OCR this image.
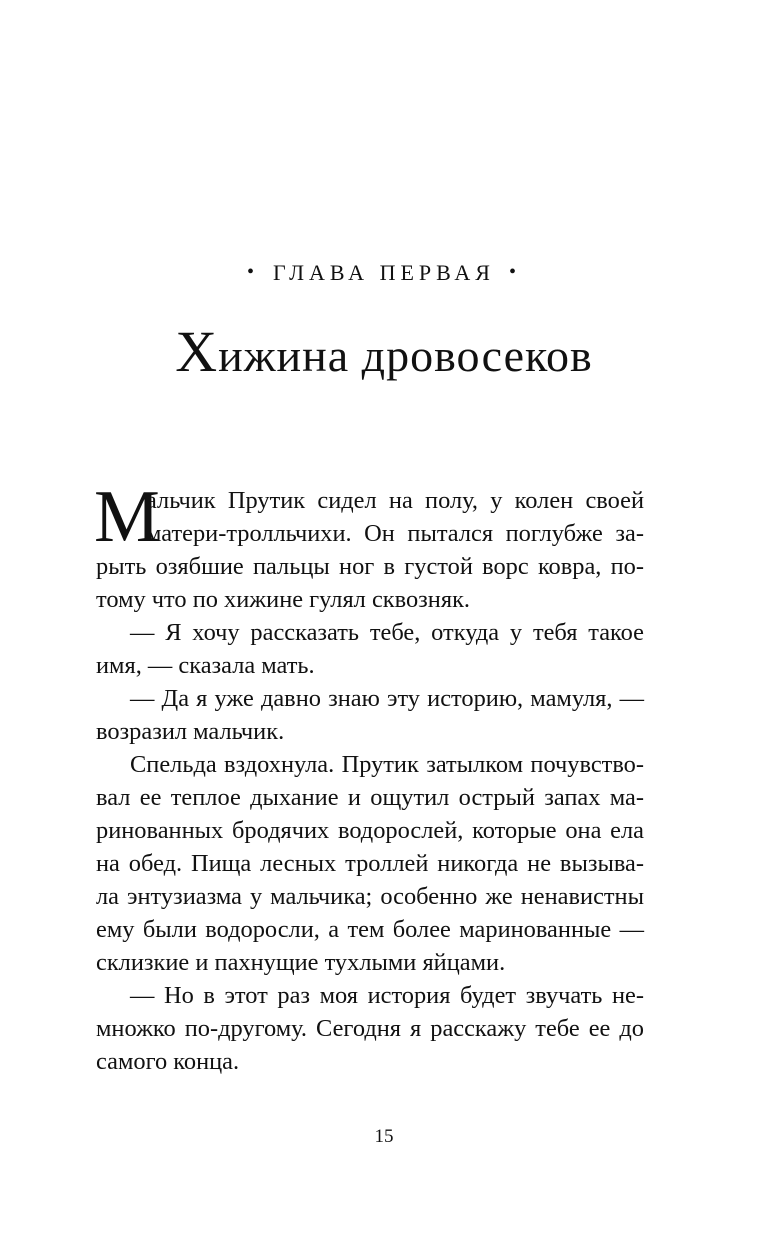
• ГЛАВА ПЕРВАЯ •
Хижина дровосеков
М
альчик Прутик сидел на полу, у колен своей
матери-тролльчихи. Он пытался поглубже за-
рыть озябшие пальцы ног в густой ворс ковра, по-
тому что по хижине гулял сквозняк.
— Я хочу рассказать тебе, откуда у тебя такое
имя, — сказала мать.
— Да я уже давно знаю эту историю, мамуля, —
возразил мальчик.
Спельда вздохнула. Прутик затылком почувство-
вал ее теплое дыхание и ощутил острый запах ма-
ринованных бродячих водорослей, которые она ела
на обед. Пища лесных троллей никогда не вызыва-
ла энтузиазма у мальчика; особенно же ненавистны
ему были водоросли, а тем более маринованные —
склизкие и пахнущие тухлыми яйцами.
— Но в этот раз моя история будет звучать не-
множко по-другому. Сегодня я расскажу тебе ее до
самого конца.
15
